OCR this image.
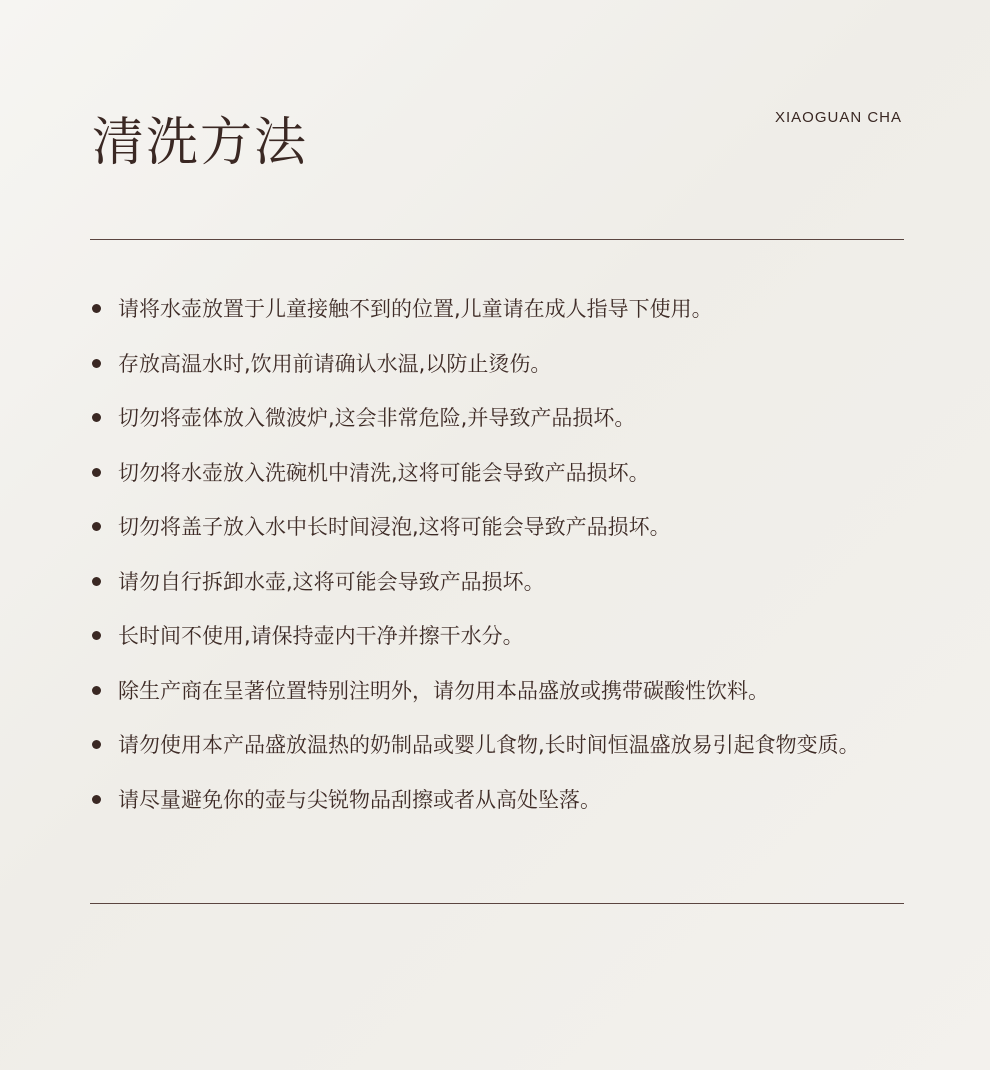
清洗方法	XIAOGUAN CHA
请将水壶放置于儿童接触不到的位置,儿童请在成人指导下使用。
存放高温水时,饮用前请确认水温,以防止烫伤。
切勿将壶体放入微波炉,这会非常危险,并导致产品损坏。
切勿将水壶放入洗碗机中清洗,这将可能会导致产品损坏。
切勿将盖子放入水中长时间浸泡,这将可能会导致产品损坏。
请勿自行拆卸水壶,这将可能会导致产品损坏。
长时间不使用,请保持壶内干净并擦干水分。
除生产商在呈著位置特别注明外，请勿用本品盛放或携带碳酸性饮料。
请勿使用本产品盛放温热的奶制品或婴儿食物,长时间恒温盛放易引起食物变质。
请尽量避免你的壶与尖锐物品刮擦或者从高处坠落。
